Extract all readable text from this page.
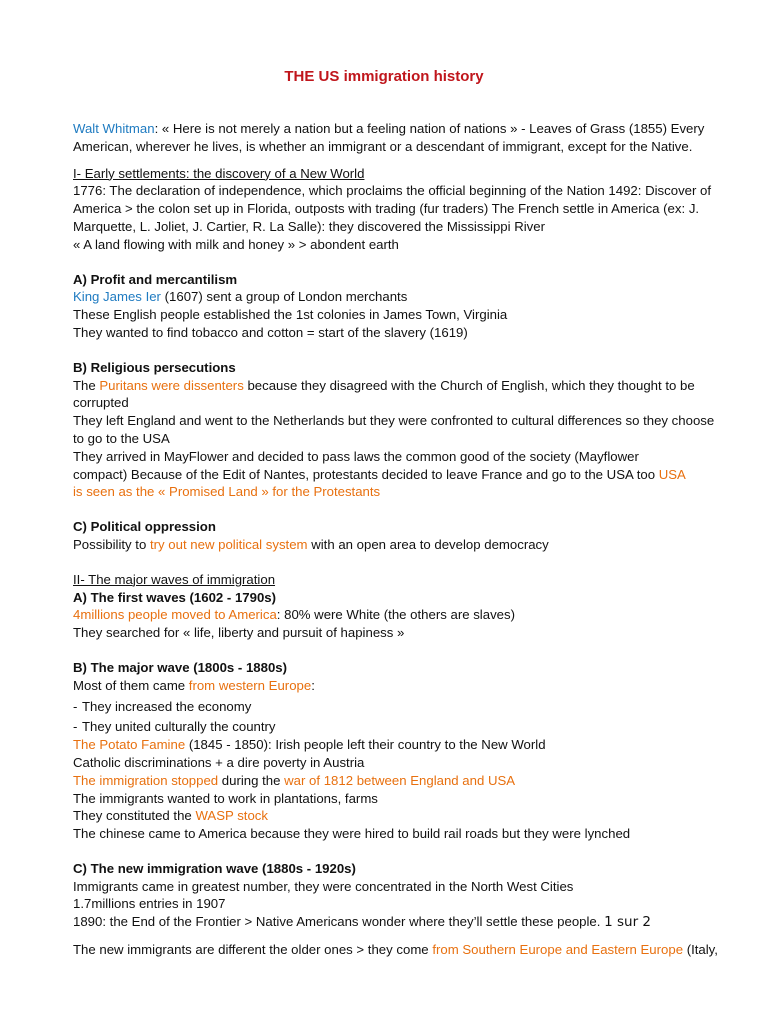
THE US immigration history

Walt Whitman: « Here is not merely a nation but a feeling nation of nations » - Leaves of Grass (1855) Every

American, wherever he lives, is whether an immigrant or a descendant of immigrant, except for the Native.

I- Early settlements: the discovery of a New World

1776: The declaration of independence, which proclaims the official beginning of the Nation 1492: Discover of

America > the colon set up in Florida, outposts with trading (fur traders) The French settle in America (ex: J.

Marquette, L. Joliet, J. Cartier, R. La Salle): they discovered the Mississippi River

« A land flowing with milk and honey » > abondent earth

A) Profit and mercantilism

King James Ier (1607) sent a group of London merchants

These English people established the 1st colonies in James Town, Virginia

They wanted to find tobacco and cotton = start of the slavery (1619)

B) Religious persecutions

The Puritans were dissenters because they disagreed with the Church of English, which they thought to be

corrupted

They left England and went to the Netherlands but they were confronted to cultural differences so they choose

to go to the USA

They arrived in MayFlower and decided to pass laws the common good of the society (Mayflower

compact) Because of the Edit of Nantes, protestants decided to leave France and go to the USA too USA

is seen as the « Promised Land » for the Protestants

C) Political oppression

Possibility to try out new political system with an open area to develop democracy

II- The major waves of immigration

A) The first waves (1602 - 1790s)

4millions people moved to America: 80% were White (the others are slaves)

They searched for « life, liberty and pursuit of hapiness »

B) The major wave (1800s - 1880s)

Most of them came from western Europe:

- They increased the economy

- They united culturally the country

The Potato Famine (1845 - 1850): Irish people left their country to the New World

Catholic discriminations + a dire poverty in Austria

The immigration stopped during the war of 1812 between England and USA

The immigrants wanted to work in plantations, farms

They constituted the WASP stock

The chinese came to America because they were hired to build rail roads but they were lynched

C) The new immigration wave (1880s - 1920s)

Immigrants came in greatest number, they were concentrated in the North West Cities

1.7millions entries in 1907

1890: the End of the Frontier > Native Americans wonder where they’ll settle these people. 1 sur 2

The new immigrants are different the older ones > they come from Southern Europe and Eastern Europe (Italy,
